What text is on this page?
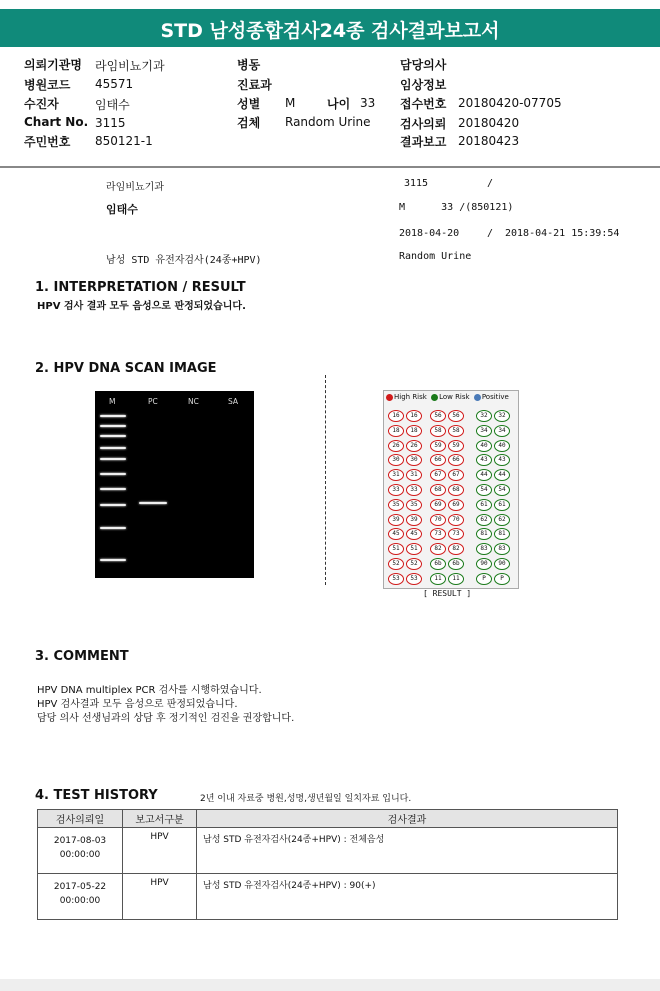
STD 남성종합검사24종 검사결과보고서
의뢰기관명 라임비뇨기과
병원코드 45571
수진자	임태수
Chart No. 3115
주민번호 850121-1
병동
진료과
성별 M	나이 33
검체 Random Urine
담당의사
임상정보
접수번호 20180420-07705
검사의뢰 20180420
결과보고 20180423
라임비뇨기과	3115	/
임태수	M      33 /(850121)
2018-04-20	/ 2018-04-21 15:39:54
남성 STD 유전자검사(24종+HPV)	Random Urine
1. INTERPRETATION / RESULT
HPV 검사 결과 모두 음성으로 판정되었습니다.
2. HPV DNA SCAN IMAGE
M	PC	NC	SA	High Risk Low Risk Positive
16	16	56	56	32	32
18	18	58	58	34	34
26	26	59	59	40	40
30	30	66	66	43	43
31	31	67	67	44	44
33	33	68	68	54	54
35	35	69	69	61	61
39	39	70	70	62	62
45	45	73	73	81	81
51	51	82	82	83	83
52	52	6b	6b	90	90
53	53	11	11	P	P
[ RESULT ]
3. COMMENT
HPV DNA multiplex PCR 검사를 시행하였습니다.
HPV 검사결과 모두 음성으로 판정되었습니다.
담당 의사 선생님과의 상담 후 정기적인 검진을 권장합니다.
4. TEST HISTORY	2년 이내 자료중 병원,성명,생년월일 일치자료 입니다.
검사의뢰일	보고서구분	검사결과
2017-08-03
00:00:00	HPV	남성 STD 유전자검사(24종+HPV) : 전체음성
2017-05-22
00:00:00	HPV	남성 STD 유전자검사(24종+HPV) : 90(+)
